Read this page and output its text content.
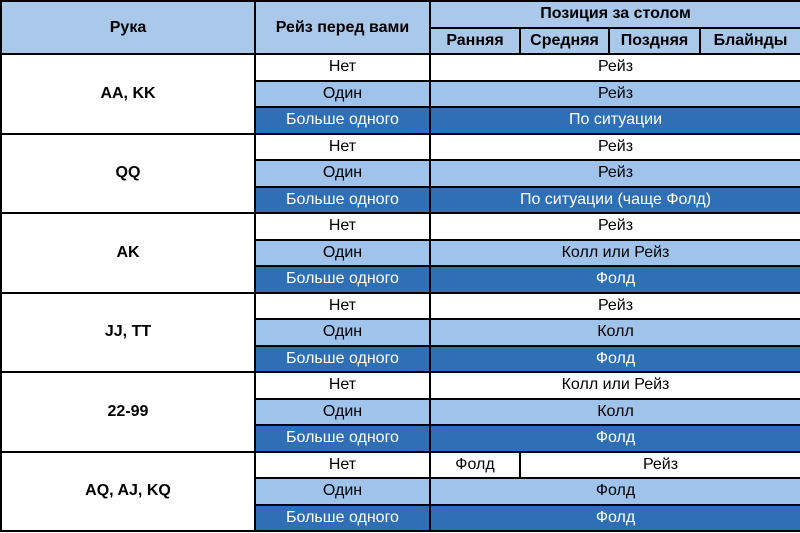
Рука	Рейз перед вами	Позиция за столом			
		Ранняя	Средняя	Поздняя	Блайнды
AA, KK	Нет	Рейз			
	Один	Рейз			
	Больше одного	По ситуации			
QQ	Нет	Рейз			
	Один	Рейз			
	Больше одного	По ситуации (чаще Фолд)			
AK	Нет	Рейз			
	Один	Колл или Рейз			
	Больше одного	Фолд			
JJ, TT	Нет	Рейз			
	Один	Колл			
	Больше одного	Фолд			
22-99	Нет	Колл или Рейз			
	Один	Колл			
	Больше одного	Фолд			
AQ, AJ, KQ	Нет	Фолд	Рейз		
	Один	Фолд			
	Больше одного	Фолд			
